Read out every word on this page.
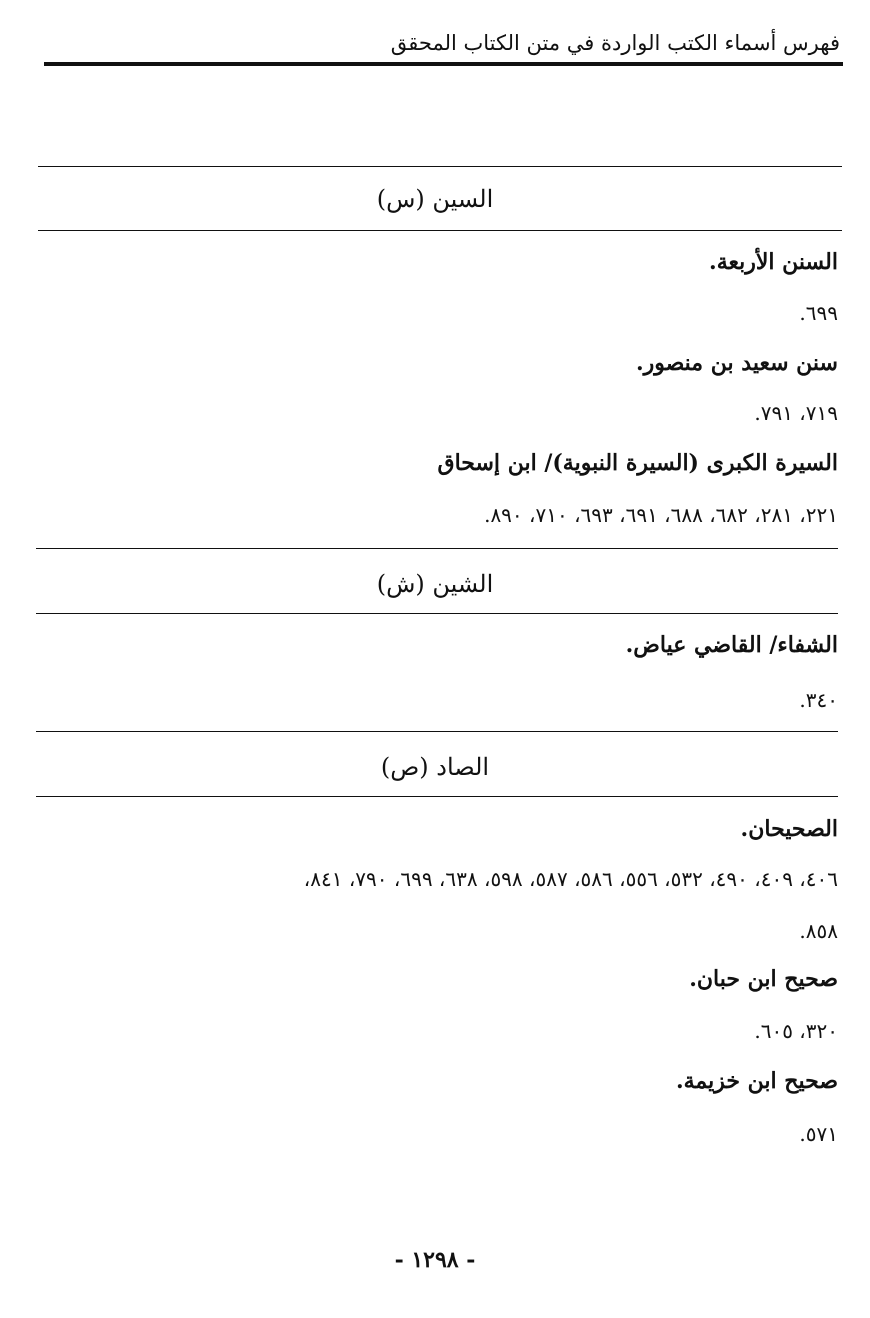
فهرس أسماء الكتب الواردة في متن الكتاب المحقق
السين (س)
السنن الأربعة.
٦٩٩.
سنن سعيد بن منصور.
٧١٩، ٧٩١.
السيرة الكبرى (السيرة النبوية)/ ابن إسحاق
٢٢١، ٢٨١، ٦٨٢، ٦٨٨، ٦٩١، ٦٩٣، ٧١٠، ٨٩٠.
الشين (ش)
الشفاء/ القاضي عياض.
٣٤٠.
الصاد (ص)
الصحيحان.
٤٠٦، ٤٠٩، ٤٩٠، ٥٣٢، ٥٥٦، ٥٨٦، ٥٨٧، ٥٩٨، ٦٣٨، ٦٩٩، ٧٩٠، ٨٤١،
٨٥٨.
صحيح ابن حبان.
٣٢٠، ٦٠٥.
صحيح ابن خزيمة.
٥٧١.
- ١٢٩٨ -
